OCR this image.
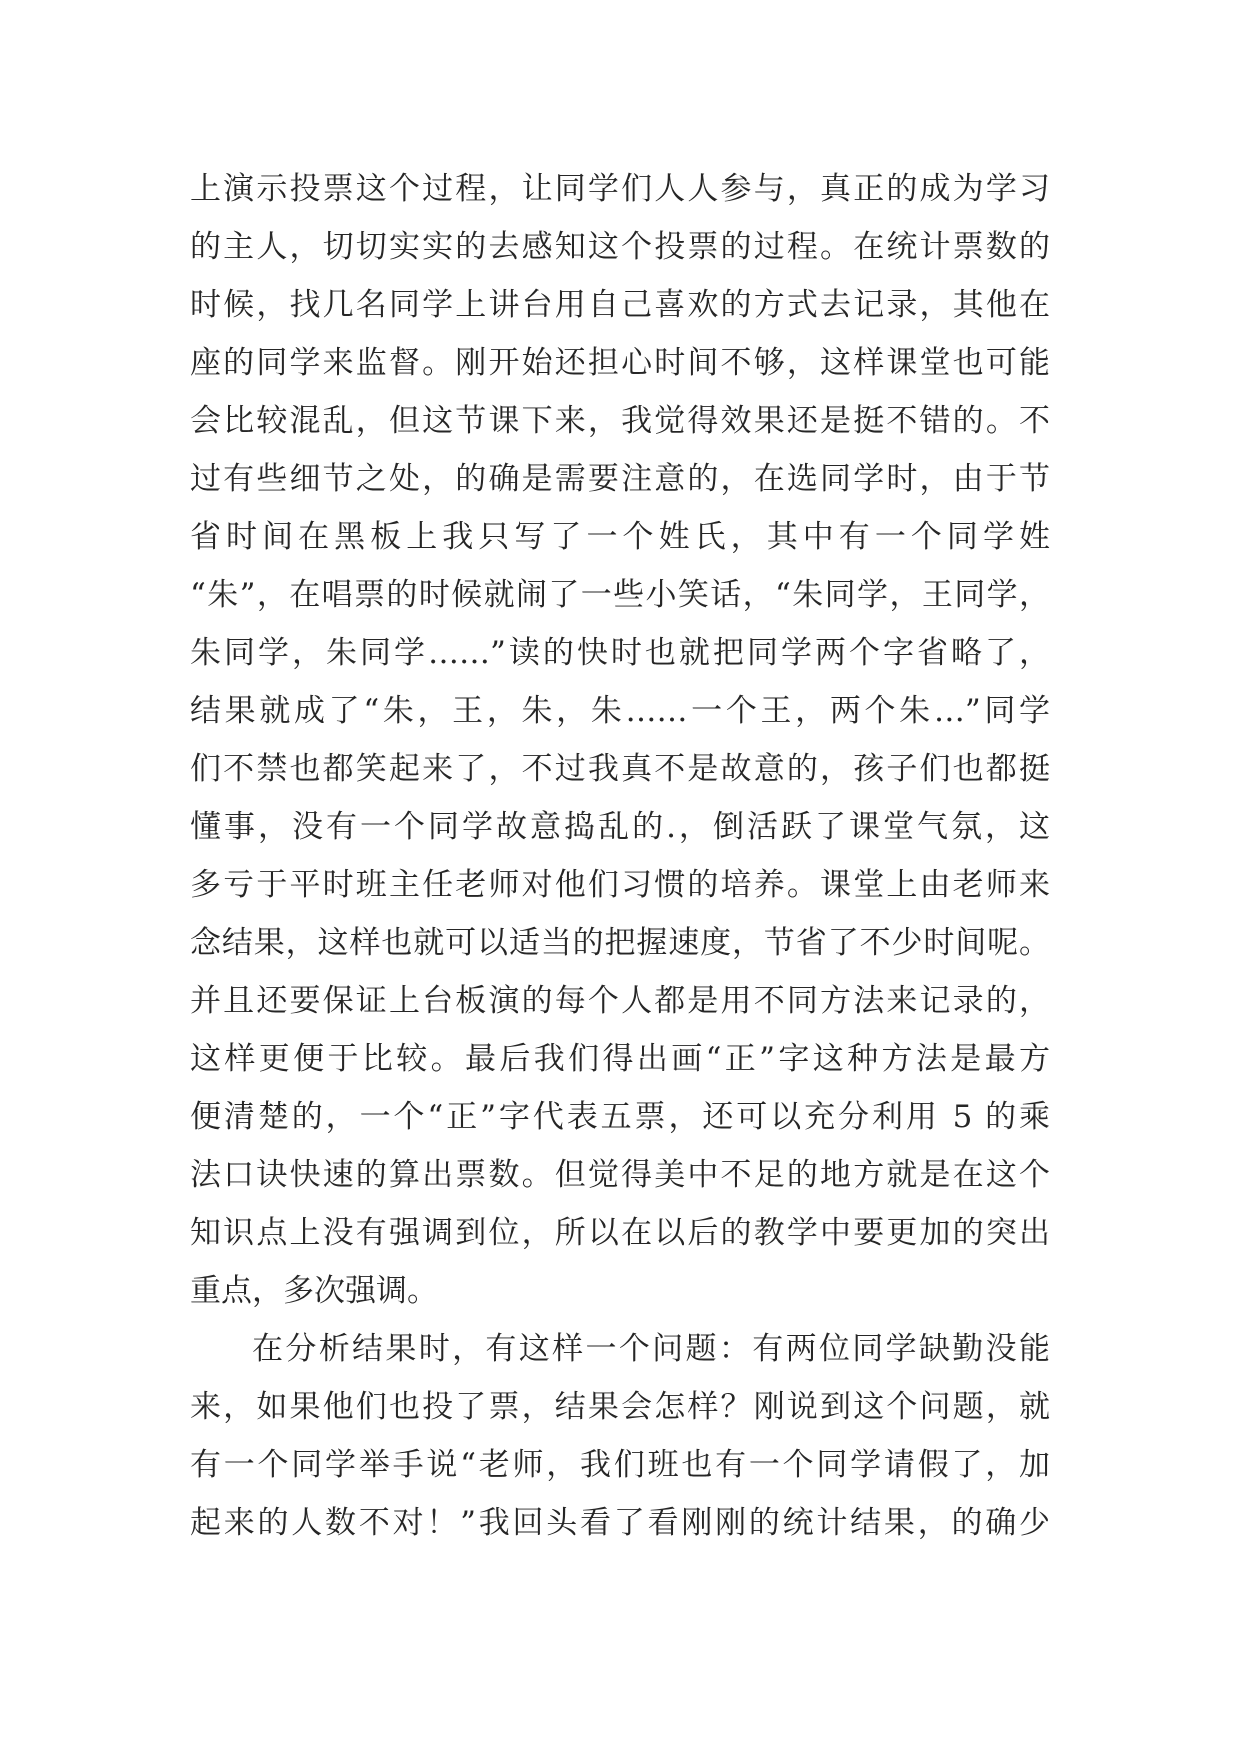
上演示投票这个过程，让同学们人人参与，真正的成为学习
的主人，切切实实的去感知这个投票的过程。在统计票数的
时候，找几名同学上讲台用自己喜欢的方式去记录，其他在
座的同学来监督。刚开始还担心时间不够，这样课堂也可能
会比较混乱，但这节课下来，我觉得效果还是挺不错的。不
过有些细节之处，的确是需要注意的，在选同学时，由于节
省时间在黑板上我只写了一个姓氏，其中有一个同学姓
“朱”，在唱票的时候就闹了一些小笑话，“朱同学，王同学，
朱同学，朱同学……”读的快时也就把同学两个字省略了，
结果就成了“朱，王，朱，朱……一个王，两个朱…”同学
们不禁也都笑起来了，不过我真不是故意的，孩子们也都挺
懂事，没有一个同学故意捣乱的.，倒活跃了课堂气氛，这
多亏于平时班主任老师对他们习惯的培养。课堂上由老师来
念结果，这样也就可以适当的把握速度，节省了不少时间呢。
并且还要保证上台板演的每个人都是用不同方法来记录的，
这样更便于比较。最后我们得出画“正”字这种方法是最方
便清楚的，一个“正”字代表五票，还可以充分利用 5 的乘
法口诀快速的算出票数。但觉得美中不足的地方就是在这个
知识点上没有强调到位，所以在以后的教学中要更加的突出
重点，多次强调。
在分析结果时，有这样一个问题：有两位同学缺勤没能
来，如果他们也投了票，结果会怎样？刚说到这个问题，就
有一个同学举手说“老师，我们班也有一个同学请假了，加
起来的人数不对！”我回头看了看刚刚的统计结果，的确少
